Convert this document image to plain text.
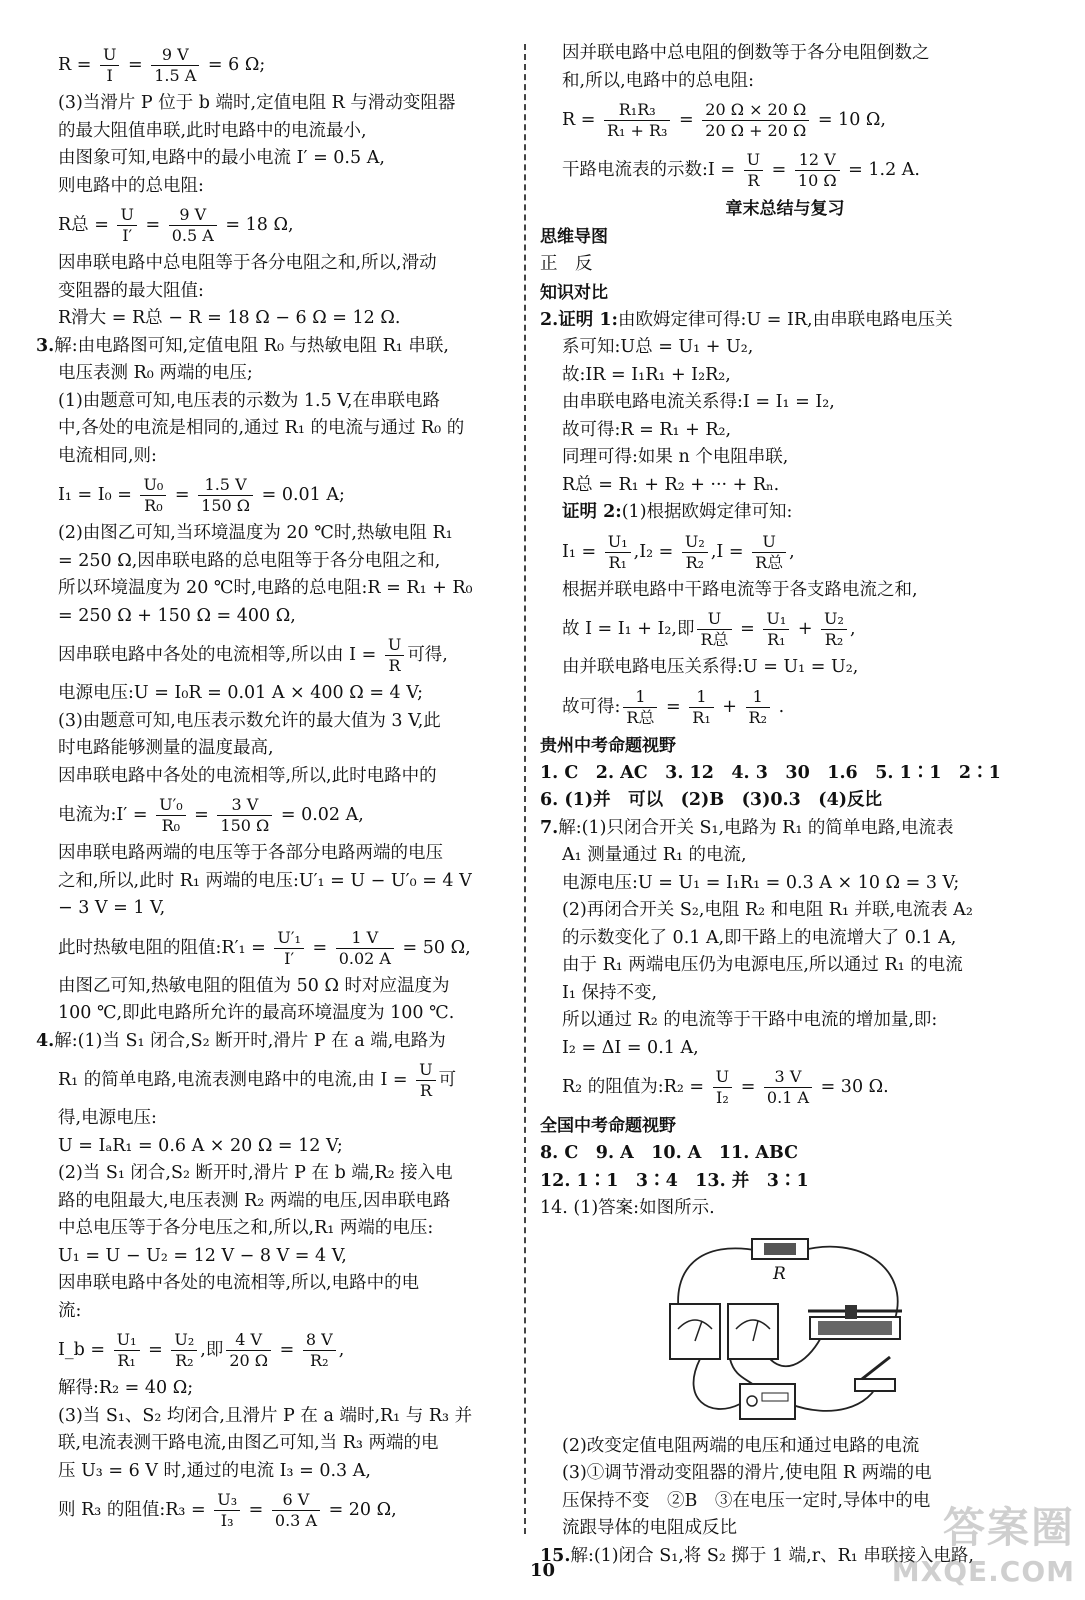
$R = \frac{U}{I} = \frac{9 V}{1.5 A} = 6$ Ω;
(3)当滑片 P 位于 b 端时,定值电阻 R 与滑动变阻器
的最大阻值串联,此时电路中的电流最小,
由图象可知,电路中的最小电流 I′ = 0.5 A,
则电路中的总电阻:
R总 = $\frac{U}{I'} = \frac{9 V}{0.5 A} = 18$ Ω,
因串联电路中总电阻等于各分电阻之和,所以,滑动
变阻器的最大阻值:
R滑大 = R总 − R = 18 Ω − 6 Ω = 12 Ω.
3.解:由电路图可知,定值电阻 R₀ 与热敏电阻 R₁ 串联,
电压表测 R₀ 两端的电压;
(1)由题意可知,电压表的示数为 1.5 V,在串联电路
中,各处的电流是相同的,通过 R₁ 的电流与通过 R₀ 的
电流相同,则:
$I_1 = I_0 = \frac{\text{U₀}}{\text{R₀}} = \frac{1.5 V}{150 \Omega} = 0.01$ A;
(2)由图乙可知,当环境温度为 20 ℃时,热敏电阻 R₁
= 250 Ω,因串联电路的总电阻等于各分电阻之和,
所以环境温度为 20 ℃时,电路的总电阻:R = R₁ + R₀
= 250 Ω + 150 Ω = 400 Ω,
因串联电路中各处的电流相等,所以由 $I = \frac{U}{R}$ 可得,
电源电压:U = I₀R = 0.01 A × 400 Ω = 4 V;
(3)由题意可知,电压表示数允许的最大值为 3 V,此
时电路能够测量的温度最高,
因串联电路中各处的电流相等,所以,此时电路中的
电流为:I′ = $\frac{\text{U′₀}}{\text{R₀}} = \frac{3 V}{150 \Omega} = 0.02$ A,
因串联电路两端的电压等于各部分电路两端的电压
之和,所以,此时 R₁ 两端的电压:U′₁ = U − U′₀ = 4 V
− 3 V = 1 V,
此时热敏电阻的阻值:R′₁ = $\frac{\text{U′₁}}{I'} = \frac{1 V}{0.02 A} = 50$ Ω,
由图乙可知,热敏电阻的阻值为 50 Ω 时对应温度为
100 ℃,即此电路所允许的最高环境温度为 100 ℃.
4.解:(1)当 S₁ 闭合,S₂ 断开时,滑片 P 在 a 端,电路为
R₁ 的简单电路,电流表测电路中的电流,由 $I = \frac{U}{R}$ 可
得,电源电压:
U = IₐR₁ = 0.6 A × 20 Ω = 12 V;
(2)当 S₁ 闭合,S₂ 断开时,滑片 P 在 b 端,R₂ 接入电
路的电阻最大,电压表测 R₂ 两端的电压,因串联电路
中总电压等于各分电压之和,所以,R₁ 两端的电压:
U₁ = U − U₂ = 12 V − 8 V = 4 V,
因串联电路中各处的电流相等,所以,电路中的电
流:
I_b = $\frac{\text{U₁}}{\text{R₁}} = \frac{\text{U₂}}{\text{R₂}}$ ,即 $\frac{4 V}{20 \Omega} = \frac{8 V}{\text{R₂}}$ ,
解得:R₂ = 40 Ω;
(3)当 S₁、S₂ 均闭合,且滑片 P 在 a 端时,R₁ 与 R₃ 并
联,电流表测干路电流,由图乙可知,当 R₃ 两端的电
压 U₃ = 6 V 时,通过的电流 I₃ = 0.3 A,
则 R₃ 的阻值:R₃ = $\frac{\text{U₃}}{\text{I₃}} = \frac{6 V}{0.3 A} = 20$ Ω,
因并联电路中总电阻的倒数等于各分电阻倒数之
和,所以,电路中的总电阻:
$R = \frac{\text{R₁R₃}}{\text{R₁ + R₃}} = \frac{20 \Omega \times 20 \Omega}{20 \Omega + 20 \Omega} = 10$ Ω,
干路电流表的示数:I = $\frac{U}{R} = \frac{12 V}{10 \Omega} = 1.2$ A.
章末总结与复习
思维导图
正　反
知识对比
2.证明 1:由欧姆定律可得:U = IR,由串联电路电压关
系可知:U总 = U₁ + U₂,
故:IR = I₁R₁ + I₂R₂,
由串联电路电流关系得:I = I₁ = I₂,
故可得:R = R₁ + R₂,
同理可得:如果 n 个电阻串联,
R总 = R₁ + R₂ + ··· + Rₙ.
证明 2:(1)根据欧姆定律可知:
$I_1 = \frac{\text{U₁}}{\text{R₁}} ,I_2 = \frac{\text{U₂}}{\text{R₂}} ,I = \frac{U}{\text{R总}}$ ,
根据并联电路中干路电流等于各支路电流之和,
故 I = I₁ + I₂,即 $\frac{U}{\text{R总}} = \frac{\text{U₁}}{\text{R₁}} + \frac{\text{U₂}}{\text{R₂}}$ ,
由并联电路电压关系得:U = U₁ = U₂,
故可得: $\frac{1}{\text{R总}} = \frac{1}{\text{R₁}} + \frac{1}{\text{R₂}}$ .
贵州中考命题视野
1. C　2. AC　3. 12　4. 3　30　1.6　5. 1∶1　2∶1
6. (1)并　可以　(2)B　(3)0.3　(4)反比
7.解:(1)只闭合开关 S₁,电路为 R₁ 的简单电路,电流表
A₁ 测量通过 R₁ 的电流,
电源电压:U = U₁ = I₁R₁ = 0.3 A × 10 Ω = 3 V;
(2)再闭合开关 S₂,电阻 R₂ 和电阻 R₁ 并联,电流表 A₂
的示数变化了 0.1 A,即干路上的电流增大了 0.1 A,
由于 R₁ 两端电压仍为电源电压,所以通过 R₁ 的电流
I₁ 保持不变,
所以通过 R₂ 的电流等于干路中电流的增加量,即:
I₂ = ΔI = 0.1 A,
R₂ 的阻值为:R₂ = $\frac{U}{\text{I₂}} = \frac{3 V}{0.1 A} = 30$ Ω.
全国中考命题视野
8. C　9. A　10. A　11. ABC
12. 1∶1　3∶4　13. 并　3∶1
14. (1)答案:如图所示.
R
(2)改变定值电阻两端的电压和通过电路的电流
(3)①调节滑动变阻器的滑片,使电阻 R 两端的电
压保持不变　②B　③在电压一定时,导体中的电
流跟导体的电阻成反比
15.解:(1)闭合 S₁,将 S₂ 掷于 1 端,r、R₁ 串联接入电路,
10
答案圈
MXQE.COM
